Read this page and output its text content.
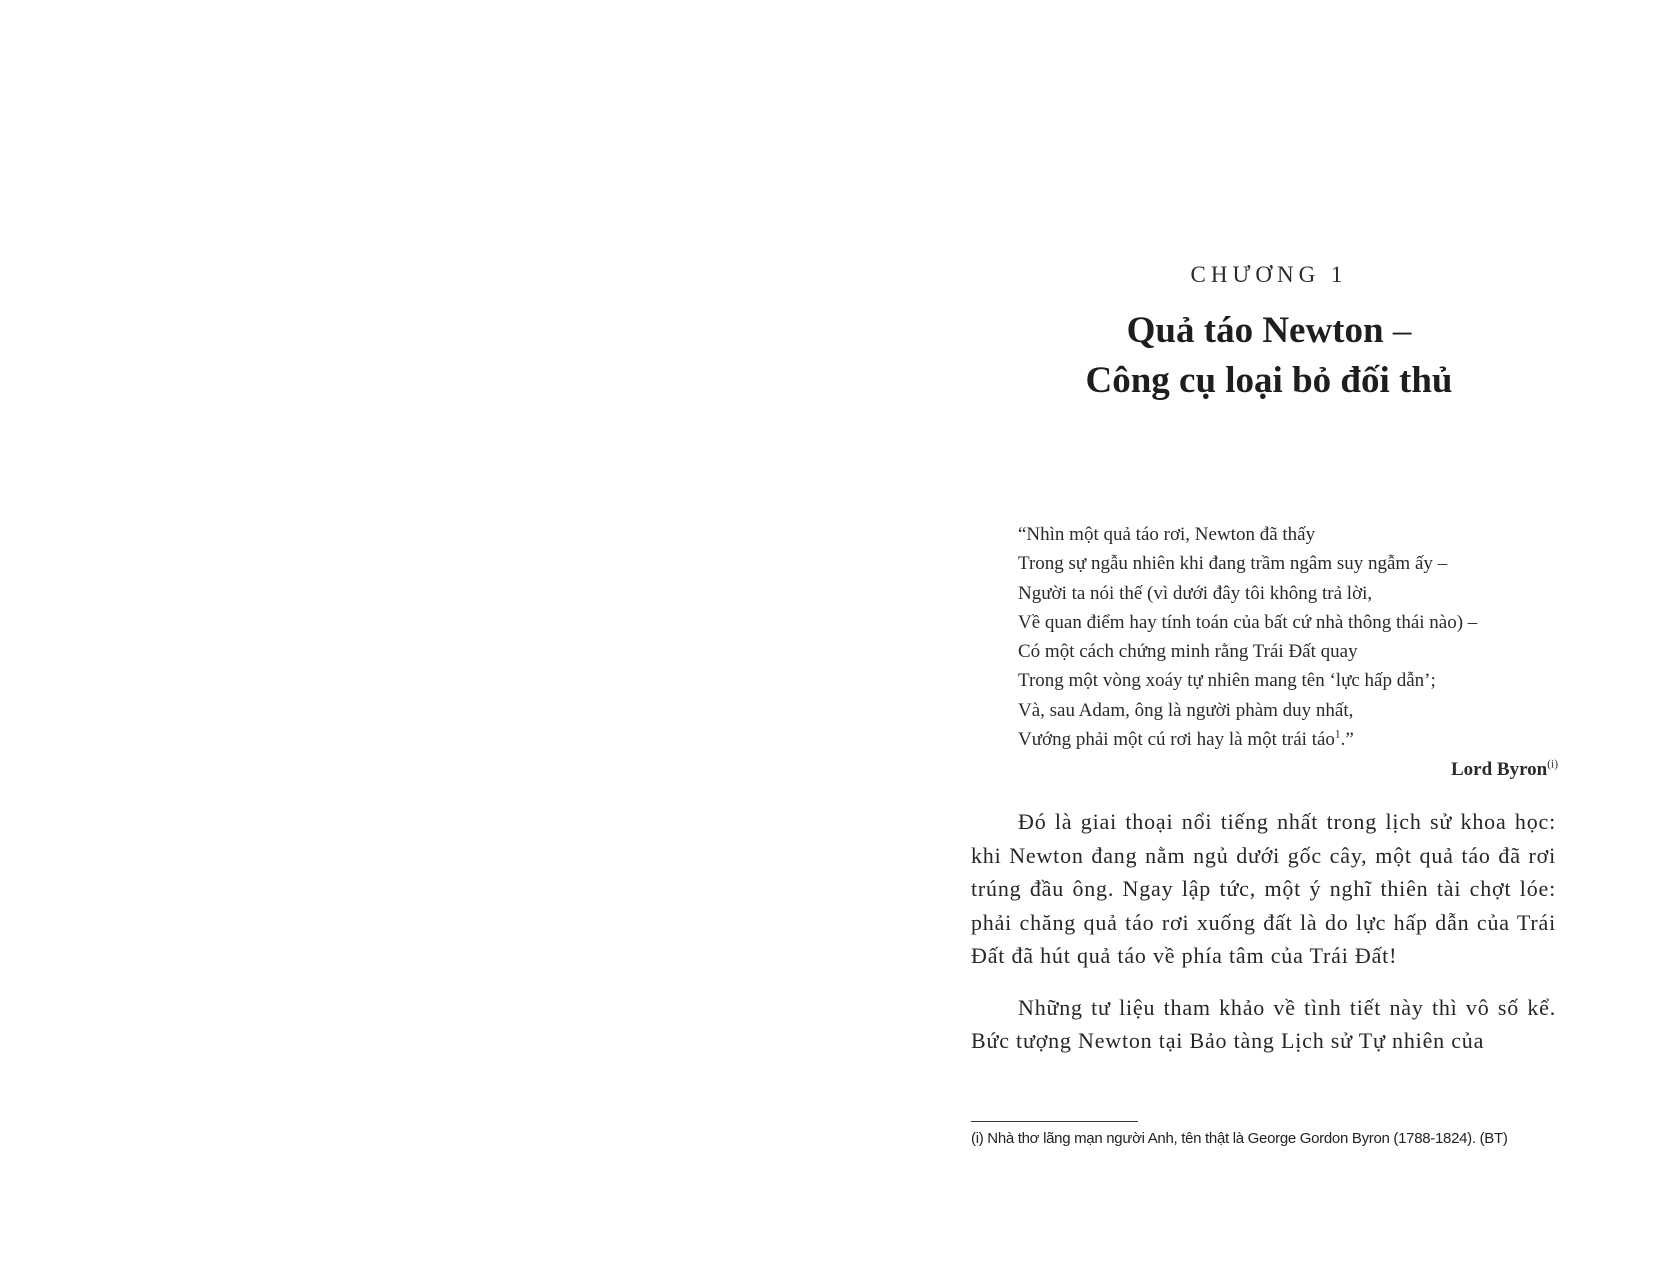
CHƯƠNG 1
Quả táo Newton –
Công cụ loại bỏ đối thủ
“Nhìn một quả táo rơi, Newton đã thấy
Trong sự ngẫu nhiên khi đang trầm ngâm suy ngẫm ấy –
Người ta nói thế (vì dưới đây tôi không trả lời,
Về quan điểm hay tính toán của bất cứ nhà thông thái nào) –
Có một cách chứng minh rằng Trái Đất quay
Trong một vòng xoáy tự nhiên mang tên ‘lực hấp dẫn’;
Và, sau Adam, ông là người phàm duy nhất,
Vướng phải một cú rơi hay là một trái táo$^1$.”
Lord Byron$^{(i)}$

Đó là giai thoại nổi tiếng nhất trong lịch sử khoa học: khi Newton đang nằm ngủ dưới gốc cây, một quả táo đã rơi trúng đầu ông. Ngay lập tức, một ý nghĩ thiên tài chợt lóe: phải chăng quả táo rơi xuống đất là do lực hấp dẫn của Trái Đất đã hút quả táo về phía tâm của Trái Đất!

Những tư liệu tham khảo về tình tiết này thì vô số kể. Bức tượng Newton tại Bảo tàng Lịch sử Tự nhiên của

(i) Nhà thơ lãng mạn người Anh, tên thật là George Gordon Byron (1788-1824). (BT)
